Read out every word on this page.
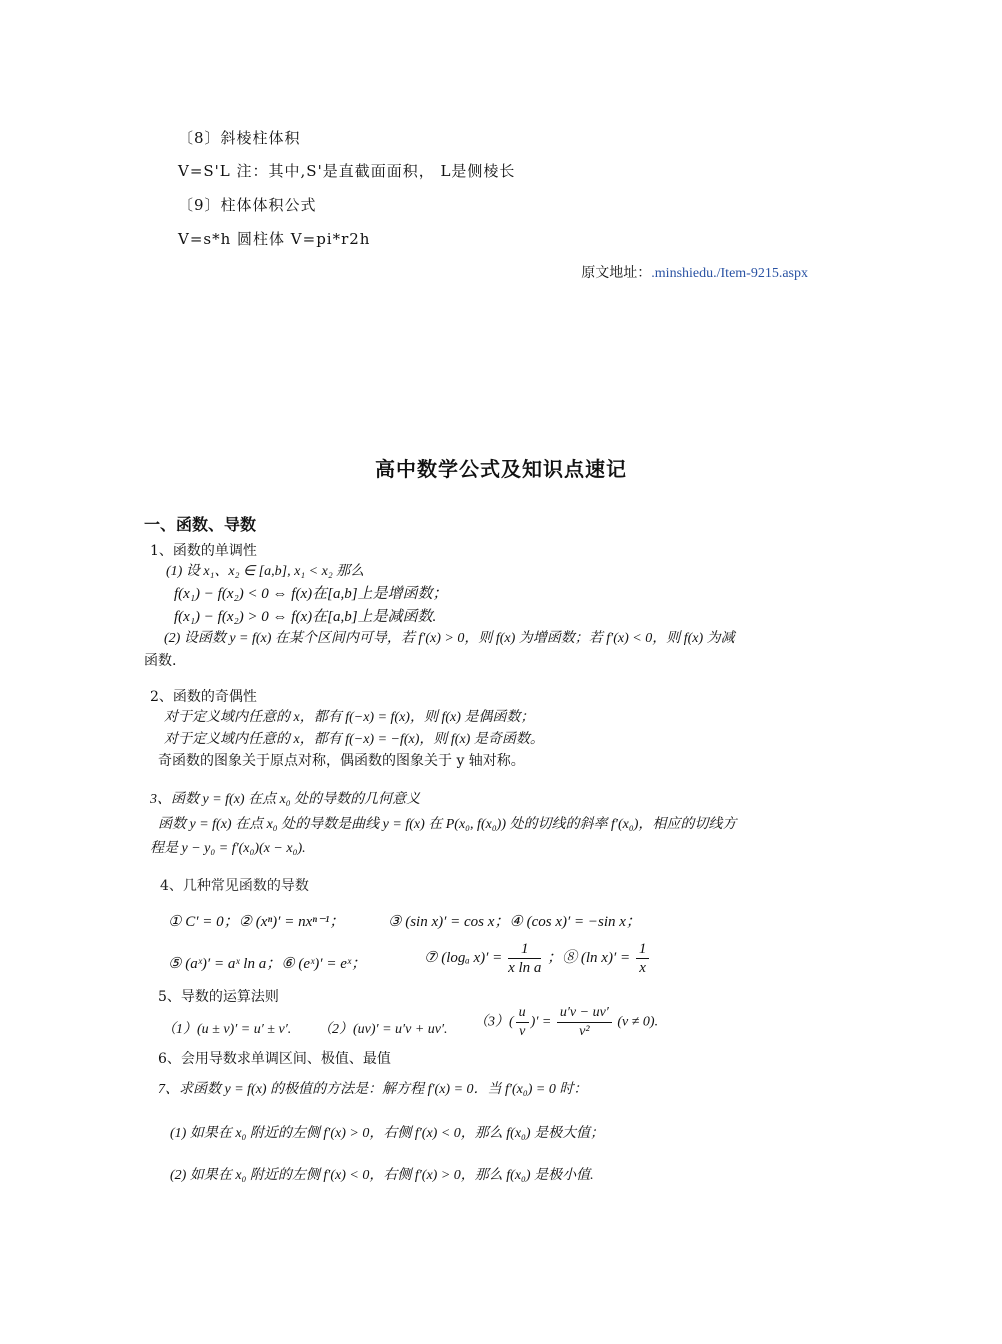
〔8〕斜棱柱体积
V=S'L 注：其中,S'是直截面面积， L是侧棱长
〔9〕柱体体积公式
V=s*h 圆柱体 V=pi*r2h
原文地址：.minshiedu./Item-9215.aspx
高中数学公式及知识点速记
一、函数、导数
1、函数的单调性
(1) 设 x₁、x₂ ∈ [a,b], x₁ < x₂ 那么
f(x₁) − f(x₂) < 0 ⇔ f(x)在[a,b]上是增函数；
f(x₁) − f(x₂) > 0 ⇔ f(x)在[a,b]上是减函数.
(2) 设函数 y = f(x) 在某个区间内可导，若 f′(x) > 0，则 f(x) 为增函数；若 f′(x) < 0，则 f(x) 为减
函数.
2、函数的奇偶性
对于定义域内任意的 x，都有 f(−x) = f(x)，则 f(x) 是偶函数；
对于定义域内任意的 x，都有 f(−x) = −f(x)，则 f(x) 是奇函数。
奇函数的图象关于原点对称，偶函数的图象关于 y 轴对称。
3、函数 y = f(x) 在点 x₀ 处的导数的几何意义
函数 y = f(x) 在点 x₀ 处的导数是曲线 y = f(x) 在 P(x₀, f(x₀)) 处的切线的斜率 f′(x₀)，相应的切线方
程是 y − y₀ = f′(x₀)(x − x₀).
4、几种常见函数的导数
① C′ = 0；② (xⁿ)′ = nxⁿ⁻¹；	③ (sin x)′ = cos x；④ (cos x)′ = −sin x；
⑤ (aˣ)′ = aˣ ln a；⑥ (eˣ)′ = eˣ；	⑦ (logₐ $x)' = \frac{1}{\text{x ln a}}$ ；⑧ (ln $x)' = \frac{1}{x}$
5、导数的运算法则
（1）(u ± v)′ = u′ ± v′. （2）(uv)′ = u′v + uv′. $(3)( \frac{u}{v}$ )′ = $\frac{u'v - uv'}{\text{v²}} (v \ne 0)$.
6、会用导数求单调区间、极值、最值
7、求函数 y = f(x) 的极值的方法是：解方程 f′(x) = 0．当 f′(x₀) = 0 时：
(1) 如果在 x₀ 附近的左侧 f′(x) > 0，右侧 f′(x) < 0，那么 f(x₀) 是极大值；
(2) 如果在 x₀ 附近的左侧 f′(x) < 0，右侧 f′(x) > 0，那么 f(x₀) 是极小值.
